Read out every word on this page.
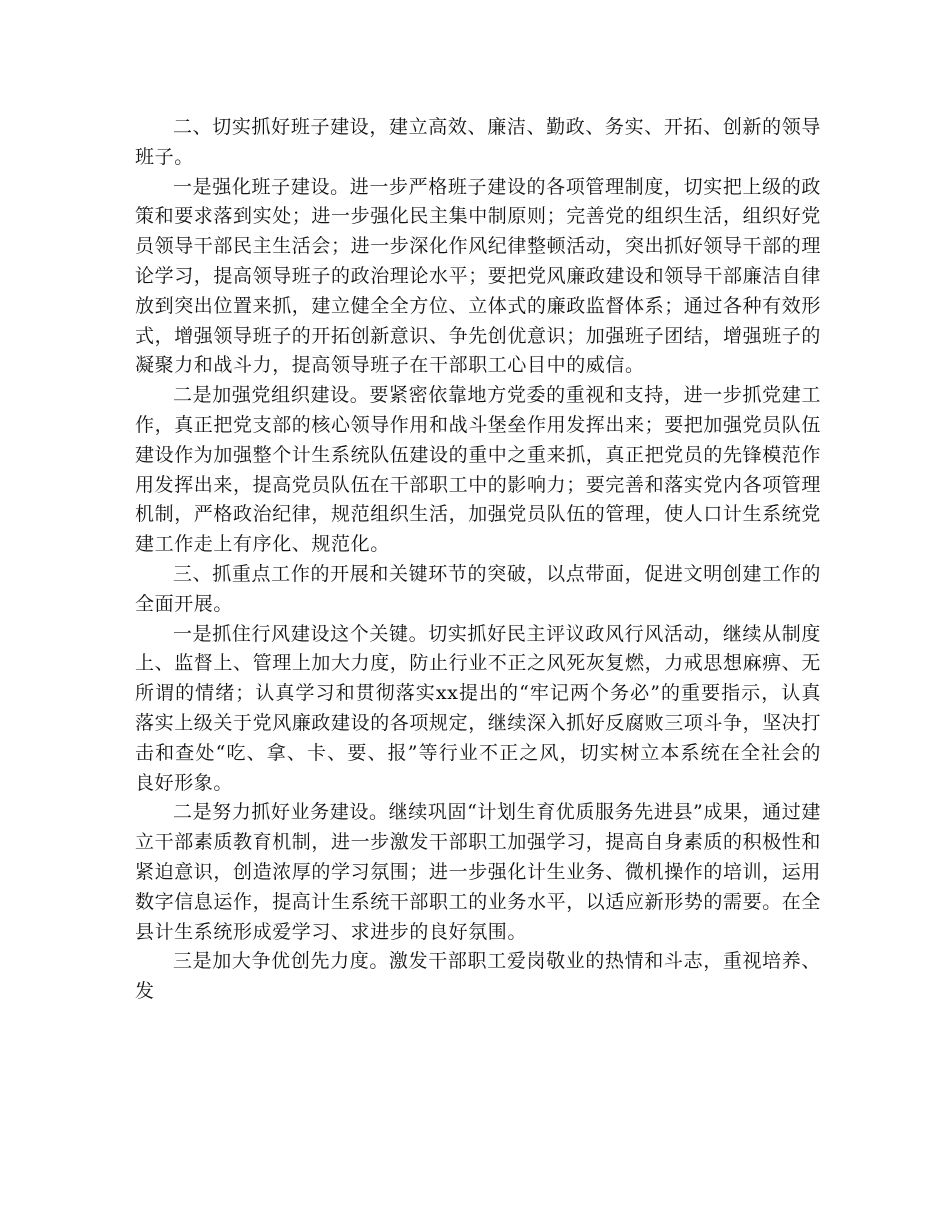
二、切实抓好班子建设，建立高效、廉洁、勤政、务实、开拓、创新的领导班子。

一是强化班子建设。进一步严格班子建设的各项管理制度，切实把上级的政策和要求落到实处；进一步强化民主集中制原则；完善党的组织生活，组织好党员领导干部民主生活会；进一步深化作风纪律整顿活动，突出抓好领导干部的理论学习，提高领导班子的政治理论水平；要把党风廉政建设和领导干部廉洁自律放到突出位置来抓，建立健全全方位、立体式的廉政监督体系；通过各种有效形式，增强领导班子的开拓创新意识、争先创优意识；加强班子团结，增强班子的凝聚力和战斗力，提高领导班子在干部职工心目中的威信。

二是加强党组织建设。要紧密依靠地方党委的重视和支持，进一步抓党建工作，真正把党支部的核心领导作用和战斗堡垒作用发挥出来；要把加强党员队伍建设作为加强整个计生系统队伍建设的重中之重来抓，真正把党员的先锋模范作用发挥出来，提高党员队伍在干部职工中的影响力；要完善和落实党内各项管理机制，严格政治纪律，规范组织生活，加强党员队伍的管理，使人口计生系统党建工作走上有序化、规范化。

三、抓重点工作的开展和关键环节的突破，以点带面，促进文明创建工作的全面开展。

一是抓住行风建设这个关键。切实抓好民主评议政风行风活动，继续从制度上、监督上、管理上加大力度，防止行业不正之风死灰复燃，力戒思想麻痹、无所谓的情绪；认真学习和贯彻落实xx提出的“牢记两个务必”的重要指示，认真落实上级关于党风廉政建设的各项规定，继续深入抓好反腐败三项斗争，坚决打击和查处“吃、拿、卡、要、报”等行业不正之风，切实树立本系统在全社会的良好形象。

二是努力抓好业务建设。继续巩固“计划生育优质服务先进县”成果，通过建立干部素质教育机制，进一步激发干部职工加强学习，提高自身素质的积极性和紧迫意识，创造浓厚的学习氛围；进一步强化计生业务、微机操作的培训，运用数字信息运作，提高计生系统干部职工的业务水平，以适应新形势的需要。在全县计生系统形成爱学习、求进步的良好氛围。

三是加大争优创先力度。激发干部职工爱岗敬业的热情和斗志，重视培养、发
